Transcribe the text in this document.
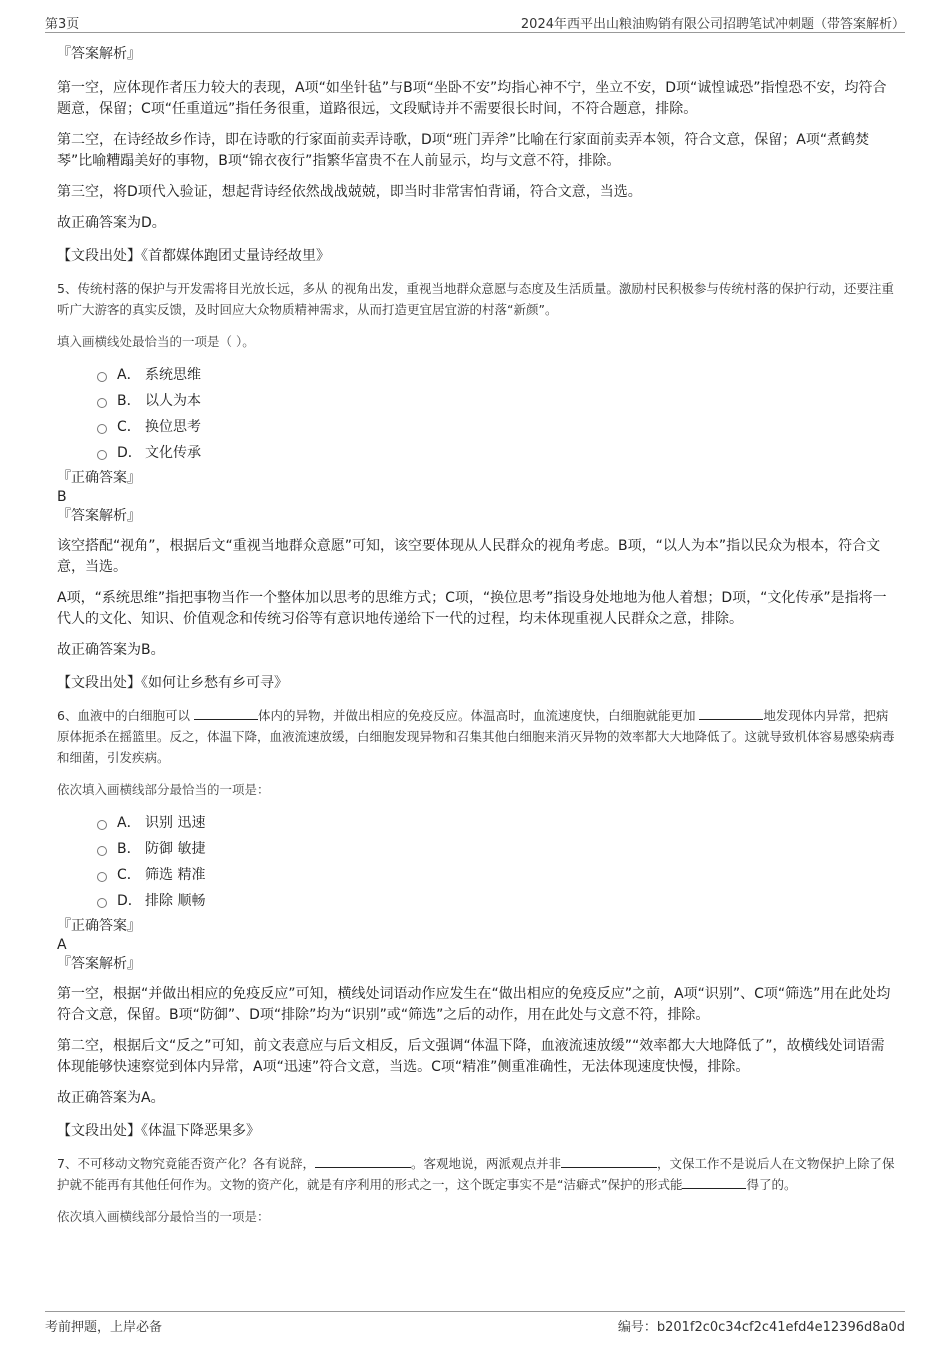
第3页	2024年西平出山粮油购销有限公司招聘笔试冲刺题（带答案解析）

『答案解析』

第一空，应体现作者压力较大的表现，A项“如坐针毡”与B项“坐卧不安”均指心神不宁，坐立不安，D项“诚惶诚恐”指惶恐不安，均符合题意，保留；C项“任重道远”指任务很重，道路很远，文段赋诗并不需要很长时间，不符合题意，排除。

第二空，在诗经故乡作诗，即在诗歌的行家面前卖弄诗歌，D项“班门弄斧”比喻在行家面前卖弄本领，符合文意，保留；A项“煮鹤焚琴”比喻糟蹋美好的事物，B项“锦衣夜行”指繁华富贵不在人前显示，均与文意不符，排除。

第三空，将D项代入验证，想起背诗经依然战战兢兢，即当时非常害怕背诵，符合文意，当选。

故正确答案为D。

【文段出处】《首都媒体跑团丈量诗经故里》

5、传统村落的保护与开发需将目光放长远，多从 的视角出发，重视当地群众意愿与态度及生活质量。激励村民积极参与传统村落的保护行动，还要注重听广大游客的真实反馈，及时回应大众物质精神需求，从而打造更宜居宜游的村落“新颜”。

填入画横线处最恰当的一项是（ ）。

A． 系统思维
B． 以人为本
C． 换位思考
D． 文化传承

『正确答案』

B

『答案解析』

该空搭配“视角”，根据后文“重视当地群众意愿”可知，该空要体现从人民群众的视角考虑。B项，“以人为本”指以民众为根本，符合文意，当选。

A项，“系统思维”指把事物当作一个整体加以思考的思维方式；C项，“换位思考”指设身处地地为他人着想；D项，“文化传承”是指将一代人的文化、知识、价值观念和传统习俗等有意识地传递给下一代的过程，均未体现重视人民群众之意，排除。

故正确答案为B。

【文段出处】《如何让乡愁有乡可寻》

6、血液中的白细胞可以	体内的异物，并做出相应的免疫反应。体温高时，血流速度快，白细胞就能更加	地发现体内异常，把病原体扼杀在摇篮里。反之，体温下降，血液流速放缓，白细胞发现异物和召集其他白细胞来消灭异物的效率都大大地降低了。这就导致机体容易感染病毒和细菌，引发疾病。

依次填入画横线部分最恰当的一项是：

A． 识别 迅速
B． 防御 敏捷
C． 筛选 精准
D． 排除 顺畅

『正确答案』

A

『答案解析』

第一空，根据“并做出相应的免疫反应”可知，横线处词语动作应发生在“做出相应的免疫反应”之前，A项“识别”、C项“筛选”用在此处均符合文意，保留。B项“防御”、D项“排除”均为“识别”或“筛选”之后的动作，用在此处与文意不符，排除。

第二空，根据后文“反之”可知，前文表意应与后文相反，后文强调“体温下降，血液流速放缓”“效率都大大地降低了”，故横线处词语需体现能够快速察觉到体内异常，A项“迅速”符合文意，当选。C项“精准”侧重准确性，无法体现速度快慢，排除。

故正确答案为A。

【文段出处】《体温下降恶果多》

7、不可移动文物究竟能否资产化？各有说辞，	。客观地说，两派观点并非	，文保工作不是说后人在文物保护上除了保护就不能再有其他任何作为。文物的资产化，就是有序利用的形式之一，这个既定事实不是“洁癖式”保护的形式能	得了的。

依次填入画横线部分最恰当的一项是：

考前押题，上岸必备	编号：b201f2c0c34cf2c41efd4e12396d8a0d
